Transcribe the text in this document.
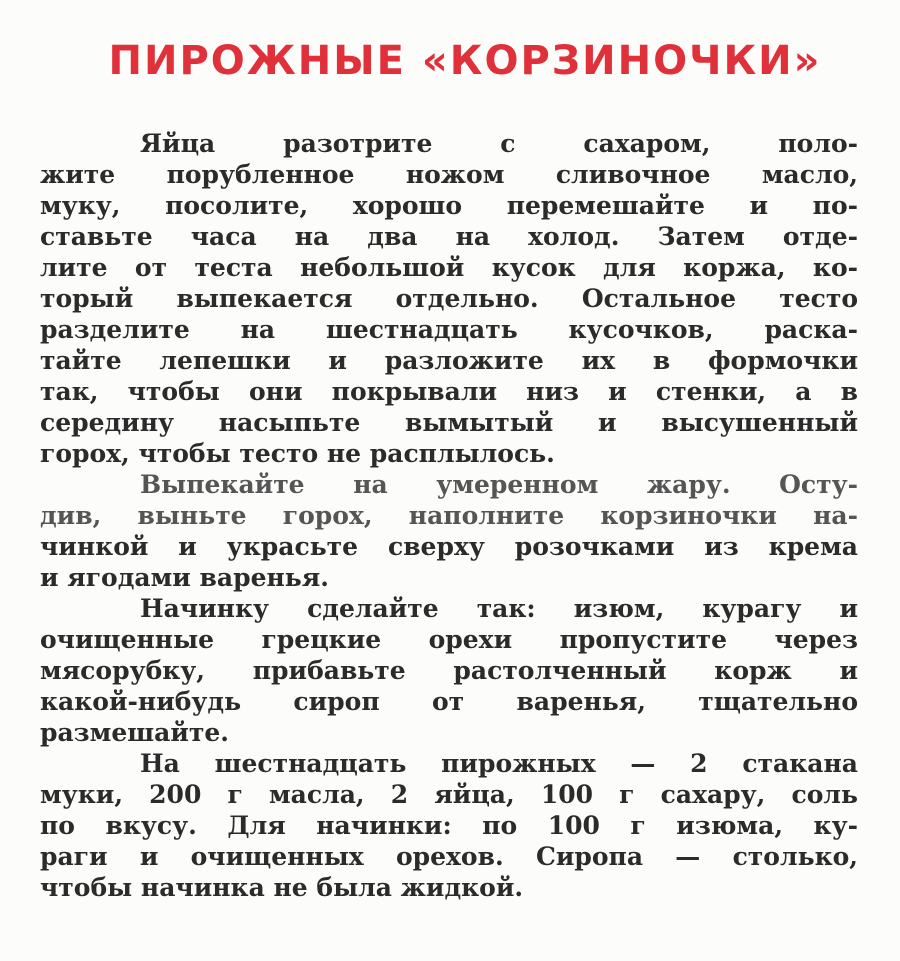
ПИРОЖНЫЕ «КОРЗИНОЧКИ»
Яйца разотрите с сахаром, поло-
жите порубленное ножом сливочное масло,
муку, посолите, хорошо перемешайте и по-
ставьте часа на два на холод. Затем отде-
лите от теста небольшой кусок для коржа, ко-
торый выпекается отдельно. Остальное тесто
разделите на шестнадцать кусочков, раска-
тайте лепешки и разложите их в формочки
так, чтобы они покрывали низ и стенки, а в
середину насыпьте вымытый и высушенный
горох, чтобы тесто не расплылось.
Выпекайте на умеренном жару. Осту-
див, выньте горох, наполните корзиночки на-
чинкой и украсьте сверху розочками из крема
и ягодами варенья.
Начинку сделайте так: изюм, курагу и
очищенные грецкие орехи пропустите через
мясорубку, прибавьте растолченный корж и
какой-нибудь сироп от варенья, тщательно
размешайте.
На шестнадцать пирожных — 2 стакана
муки, 200 г масла, 2 яйца, 100 г сахару, соль
по вкусу. Для начинки: по 100 г изюма, ку-
раги и очищенных орехов. Сиропа — столько,
чтобы начинка не была жидкой.
